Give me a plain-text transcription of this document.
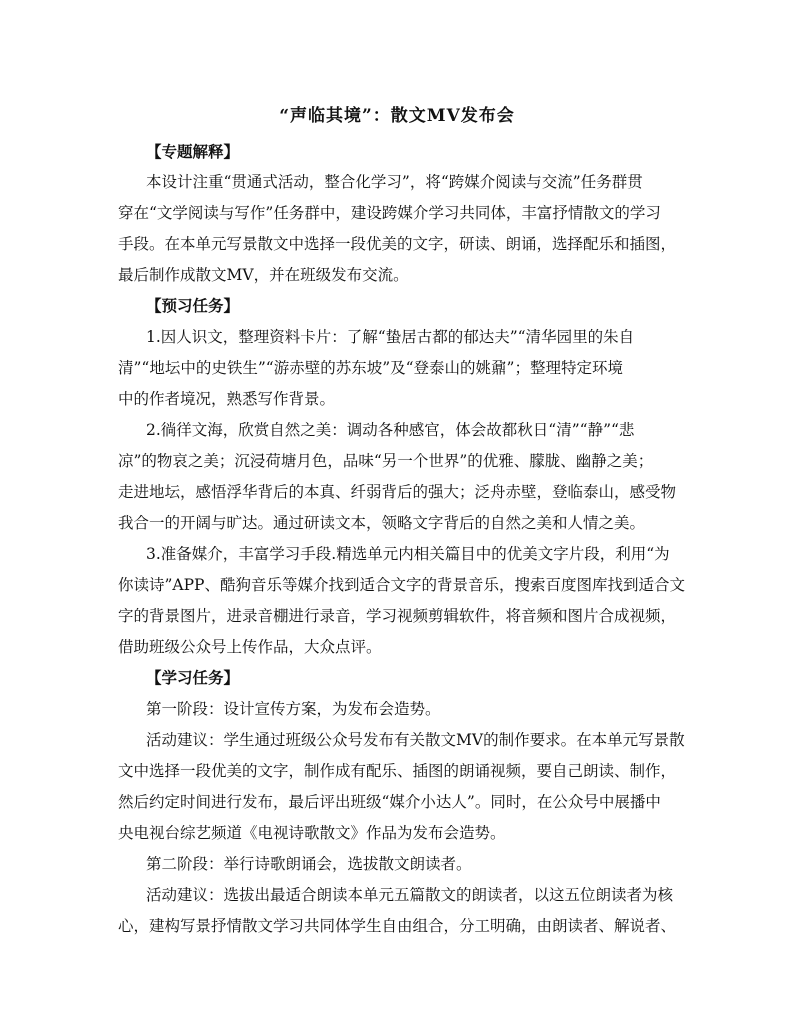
“声临其境”：散文MV发布会
【专题解释】
本设计注重“贯通式活动，整合化学习”，将“跨媒介阅读与交流”任务群贯
穿在“文学阅读与写作”任务群中，建设跨媒介学习共同体，丰富抒情散文的学习
手段。在本单元写景散文中选择一段优美的文字，研读、朗诵，选择配乐和插图，
最后制作成散文MV，并在班级发布交流。
【预习任务】
1.因人识文，整理资料卡片：了解“蛰居古都的郁达夫”“清华园里的朱自
清”“地坛中的史铁生”“游赤壁的苏东坡”及“登泰山的姚鼐”；整理特定环境
中的作者境况，熟悉写作背景。
2.徜徉文海，欣赏自然之美：调动各种感官，体会故都秋日“清”“静”“悲
凉”的物哀之美；沉浸荷塘月色，品味“另一个世界”的优雅、朦胧、幽静之美；
走进地坛，感悟浮华背后的本真、纤弱背后的强大；泛舟赤壁，登临泰山，感受物
我合一的开阔与旷达。通过研读文本，领略文字背后的自然之美和人情之美。
3.准备媒介，丰富学习手段.精选单元内相关篇目中的优美文字片段，利用“为
你读诗”APP、酷狗音乐等媒介找到适合文字的背景音乐，搜索百度图库找到适合文
字的背景图片，进录音棚进行录音，学习视频剪辑软件，将音频和图片合成视频，
借助班级公众号上传作品，大众点评。
【学习任务】
第一阶段：设计宣传方案，为发布会造势。
活动建议：学生通过班级公众号发布有关散文MV的制作要求。在本单元写景散
文中选择一段优美的文字，制作成有配乐、插图的朗诵视频，要自己朗读、制作，
然后约定时间进行发布，最后评出班级“媒介小达人”。同时，在公众号中展播中
央电视台综艺频道《电视诗歌散文》作品为发布会造势。
第二阶段：举行诗歌朗诵会，选拔散文朗读者。
活动建议：选拔出最适合朗读本单元五篇散文的朗读者，以这五位朗读者为核
心，建构写景抒情散文学习共同体学生自由组合，分工明确，由朗读者、解说者、
